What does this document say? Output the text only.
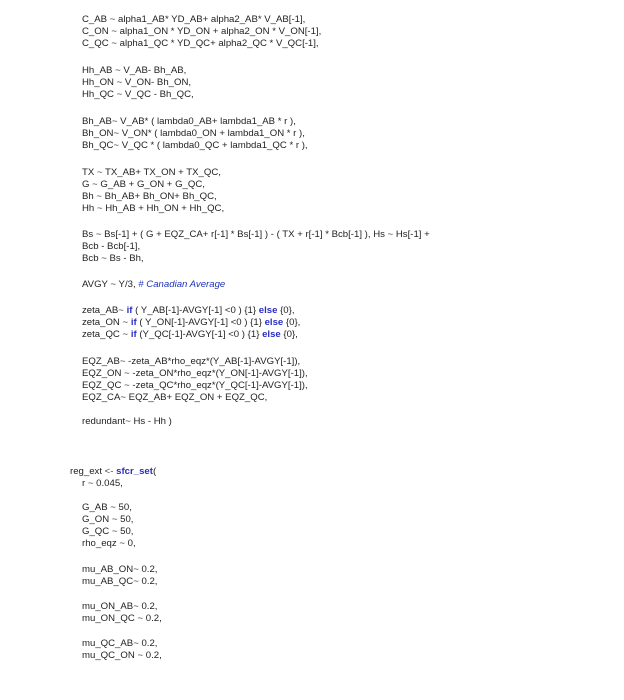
C_AB ~ alpha1_AB* YD_AB+ alpha2_AB* V_AB[-1],
C_ON ~ alpha1_ON * YD_ON + alpha2_ON * V_ON[-1],
C_QC ~ alpha1_QC * YD_QC+ alpha2_QC * V_QC[-1],
Hh_AB ~ V_AB- Bh_AB,
Hh_ON ~ V_ON- Bh_ON,
Hh_QC ~ V_QC - Bh_QC,
Bh_AB~ V_AB* ( lambda0_AB+ lambda1_AB * r ),
Bh_ON~ V_ON* ( lambda0_ON + lambda1_ON * r ),
Bh_QC~ V_QC * ( lambda0_QC + lambda1_QC * r ),
TX ~ TX_AB+ TX_ON + TX_QC,
G ~ G_AB + G_ON + G_QC,
Bh ~ Bh_AB+ Bh_ON+ Bh_QC,
Hh ~ Hh_AB + Hh_ON + Hh_QC,
Bs ~ Bs[-1] + ( G + EQZ_CA+ r[-1] * Bs[-1] ) - ( TX + r[-1] * Bcb[-1] ), Hs ~ Hs[-1] +
Bcb - Bcb[-1],
Bcb ~ Bs - Bh,
AVGY ~ Y/3, # Canadian Average
zeta_AB~ if ( Y_AB[-1]-AVGY[-1] <0 ) {1} else {0},
zeta_ON ~ if ( Y_ON[-1]-AVGY[-1] <0 ) {1} else {0},
zeta_QC ~ if (Y_QC[-1]-AVGY[-1] <0 ) {1} else {0},
EQZ_AB~ -zeta_AB*rho_eqz*(Y_AB[-1]-AVGY[-1]),
EQZ_ON ~ -zeta_ON*rho_eqz*(Y_ON[-1]-AVGY[-1]),
EQZ_QC ~ -zeta_QC*rho_eqz*(Y_QC[-1]-AVGY[-1]),
EQZ_CA~ EQZ_AB+ EQZ_ON + EQZ_QC,
redundant~ Hs - Hh )
reg_ext <- sfcr_set(
r ~ 0.045,
G_AB ~ 50,
G_ON ~ 50,
G_QC ~ 50,
rho_eqz ~ 0,
mu_AB_ON~ 0.2,
mu_AB_QC~ 0.2,
mu_ON_AB~ 0.2,
mu_ON_QC ~ 0.2,
mu_QC_AB~ 0.2,
mu_QC_ON ~ 0.2,
